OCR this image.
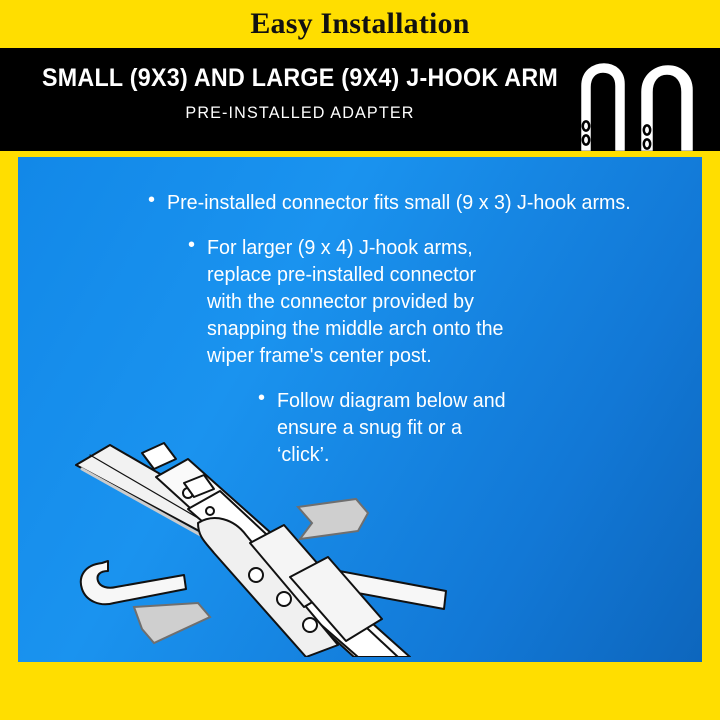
Easy Installation
SMALL (9X3) AND LARGE (9X4) J-HOOK ARM
PRE-INSTALLED ADAPTER
• Pre-installed connector fits small (9 x 3) J-hook arms.
• For larger (9 x 4) J-hook arms, replace pre-installed connector with the connector provided by snapping the middle arch onto the wiper frame's center post.
• Follow diagram below and ensure a snug fit or a ‘click’.
